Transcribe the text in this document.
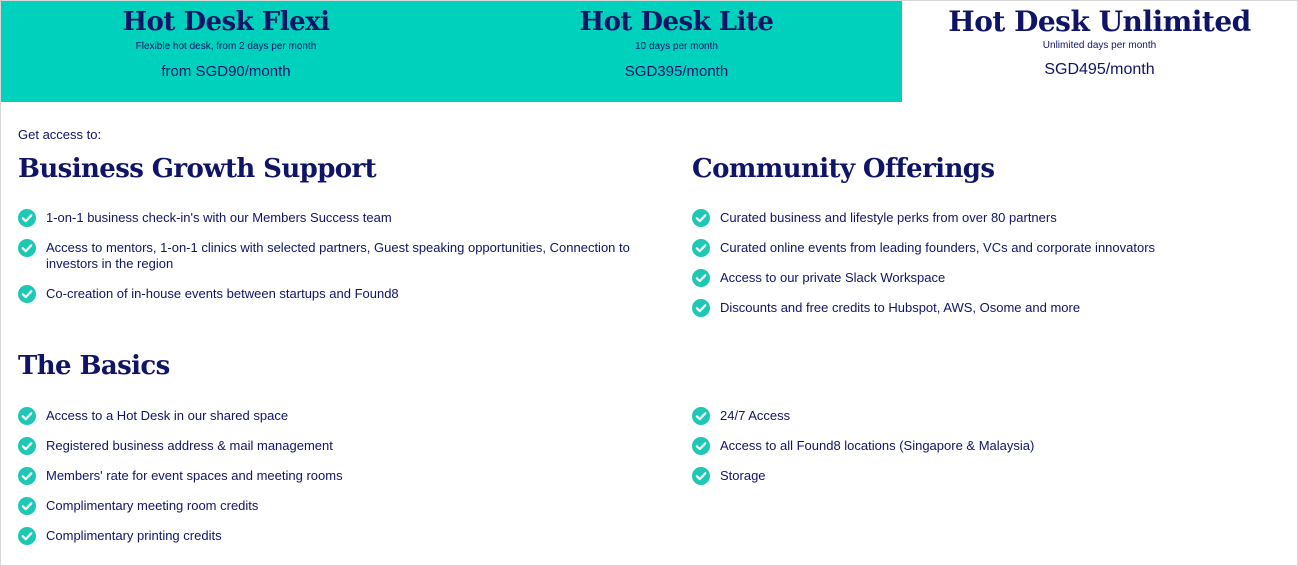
Hot Desk Flexi
Flexible hot desk, from 2 days per month
from SGD90/month
Hot Desk Lite
10 days per month
SGD395/month
Hot Desk Unlimited
Unlimited days per month
SGD495/month
Get access to:
Business Growth Support	Community Offerings
The Basics
1-on-1 business check-in's with our Members Success team
Access to mentors, 1-on-1 clinics with selected partners, Guest speaking opportunities, Connection to investors in the region
Co-creation of in-house events between startups and Found8
Curated business and lifestyle perks from over 80 partners
Curated online events from leading founders, VCs and corporate innovators
Access to our private Slack Workspace
Discounts and free credits to Hubspot, AWS, Osome and more
Access to a Hot Desk in our shared space
Registered business address & mail management
Members' rate for event spaces and meeting rooms
Complimentary meeting room credits
Complimentary printing credits
24/7 Access
Access to all Found8 locations (Singapore & Malaysia)
Storage
